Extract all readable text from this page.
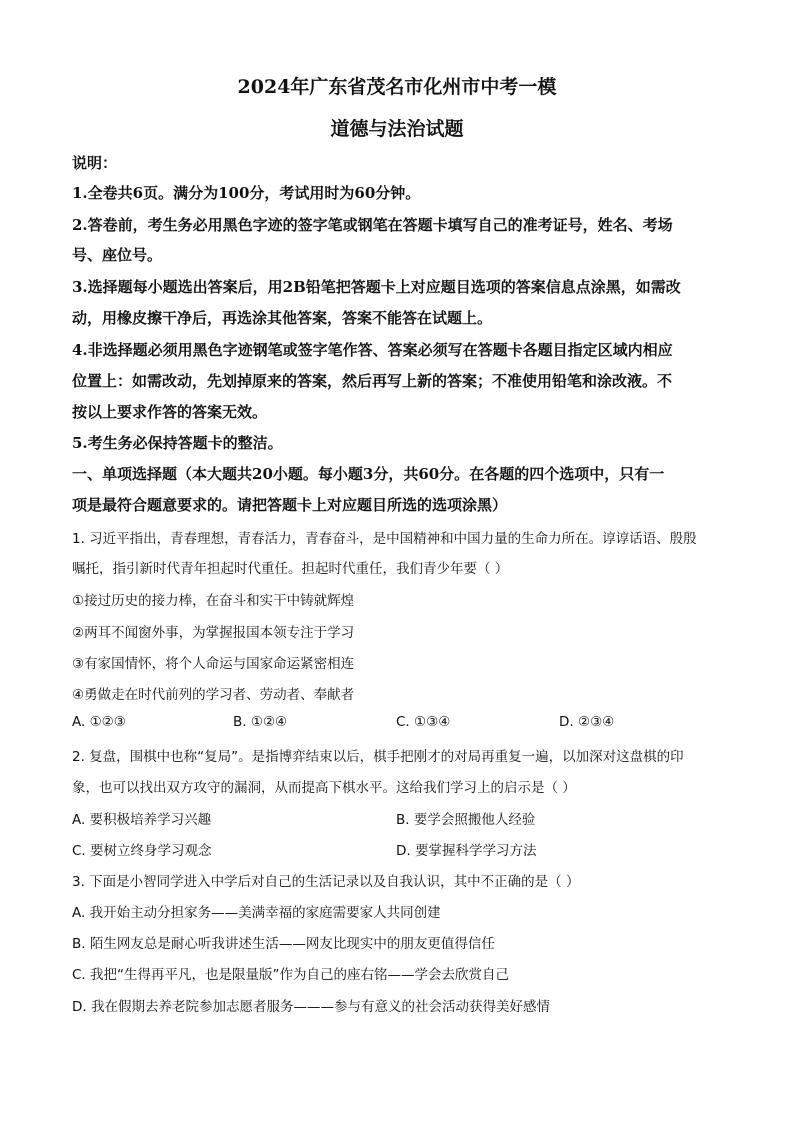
2024年广东省茂名市化州市中考一模
道德与法治试题
说明：
1.全卷共6页。满分为100分，考试用时为60分钟。
2.答卷前，考生务必用黑色字迹的签字笔或钢笔在答题卡填写自己的准考证号，姓名、考场
号、座位号。
3.选择题每小题选出答案后，用2B铅笔把答题卡上对应题目选项的答案信息点涂黑，如需改
动，用橡皮擦干净后，再选涂其他答案，答案不能答在试题上。
4.非选择题必须用黑色字迹钢笔或签字笔作答、答案必须写在答题卡各题目指定区域内相应
位置上：如需改动，先划掉原来的答案，然后再写上新的答案；不准使用铅笔和涂改液。不
按以上要求作答的答案无效。
5.考生务必保持答题卡的整洁。
一、单项选择题（本大题共20小题。每小题3分，共60分。在各题的四个选项中，只有一
项是最符合题意要求的。请把答题卡上对应题目所选的选项涂黑）
1. 习近平指出，青春理想，青春活力，青春奋斗，是中国精神和中国力量的生命力所在。谆谆话语、殷殷
嘱托，指引新时代青年担起时代重任。担起时代重任，我们青少年要（ ）
①接过历史的接力棒，在奋斗和实干中铸就辉煌
②两耳不闻窗外事，为掌握报国本领专注于学习
③有家国情怀，将个人命运与国家命运紧密相连
④勇做走在时代前列的学习者、劳动者、奉献者
A. ①②③	B. ①②④	C. ①③④	D. ②③④
2. 复盘，围棋中也称“复局”。是指博弈结束以后，棋手把刚才的对局再重复一遍，以加深对这盘棋的印
象，也可以找出双方攻守的漏洞，从而提高下棋水平。这给我们学习上的启示是（ ）
A. 要积极培养学习兴趣	B. 要学会照搬他人经验
C. 要树立终身学习观念	D. 要掌握科学学习方法
3. 下面是小智同学进入中学后对自己的生活记录以及自我认识，其中不正确的是（ ）
A. 我开始主动分担家务——美满幸福的家庭需要家人共同创建
B. 陌生网友总是耐心听我讲述生活——网友比现实中的朋友更值得信任
C. 我把“生得再平凡，也是限量版”作为自己的座右铭——学会去欣赏自己
D. 我在假期去养老院参加志愿者服务———参与有意义的社会活动获得美好感情
